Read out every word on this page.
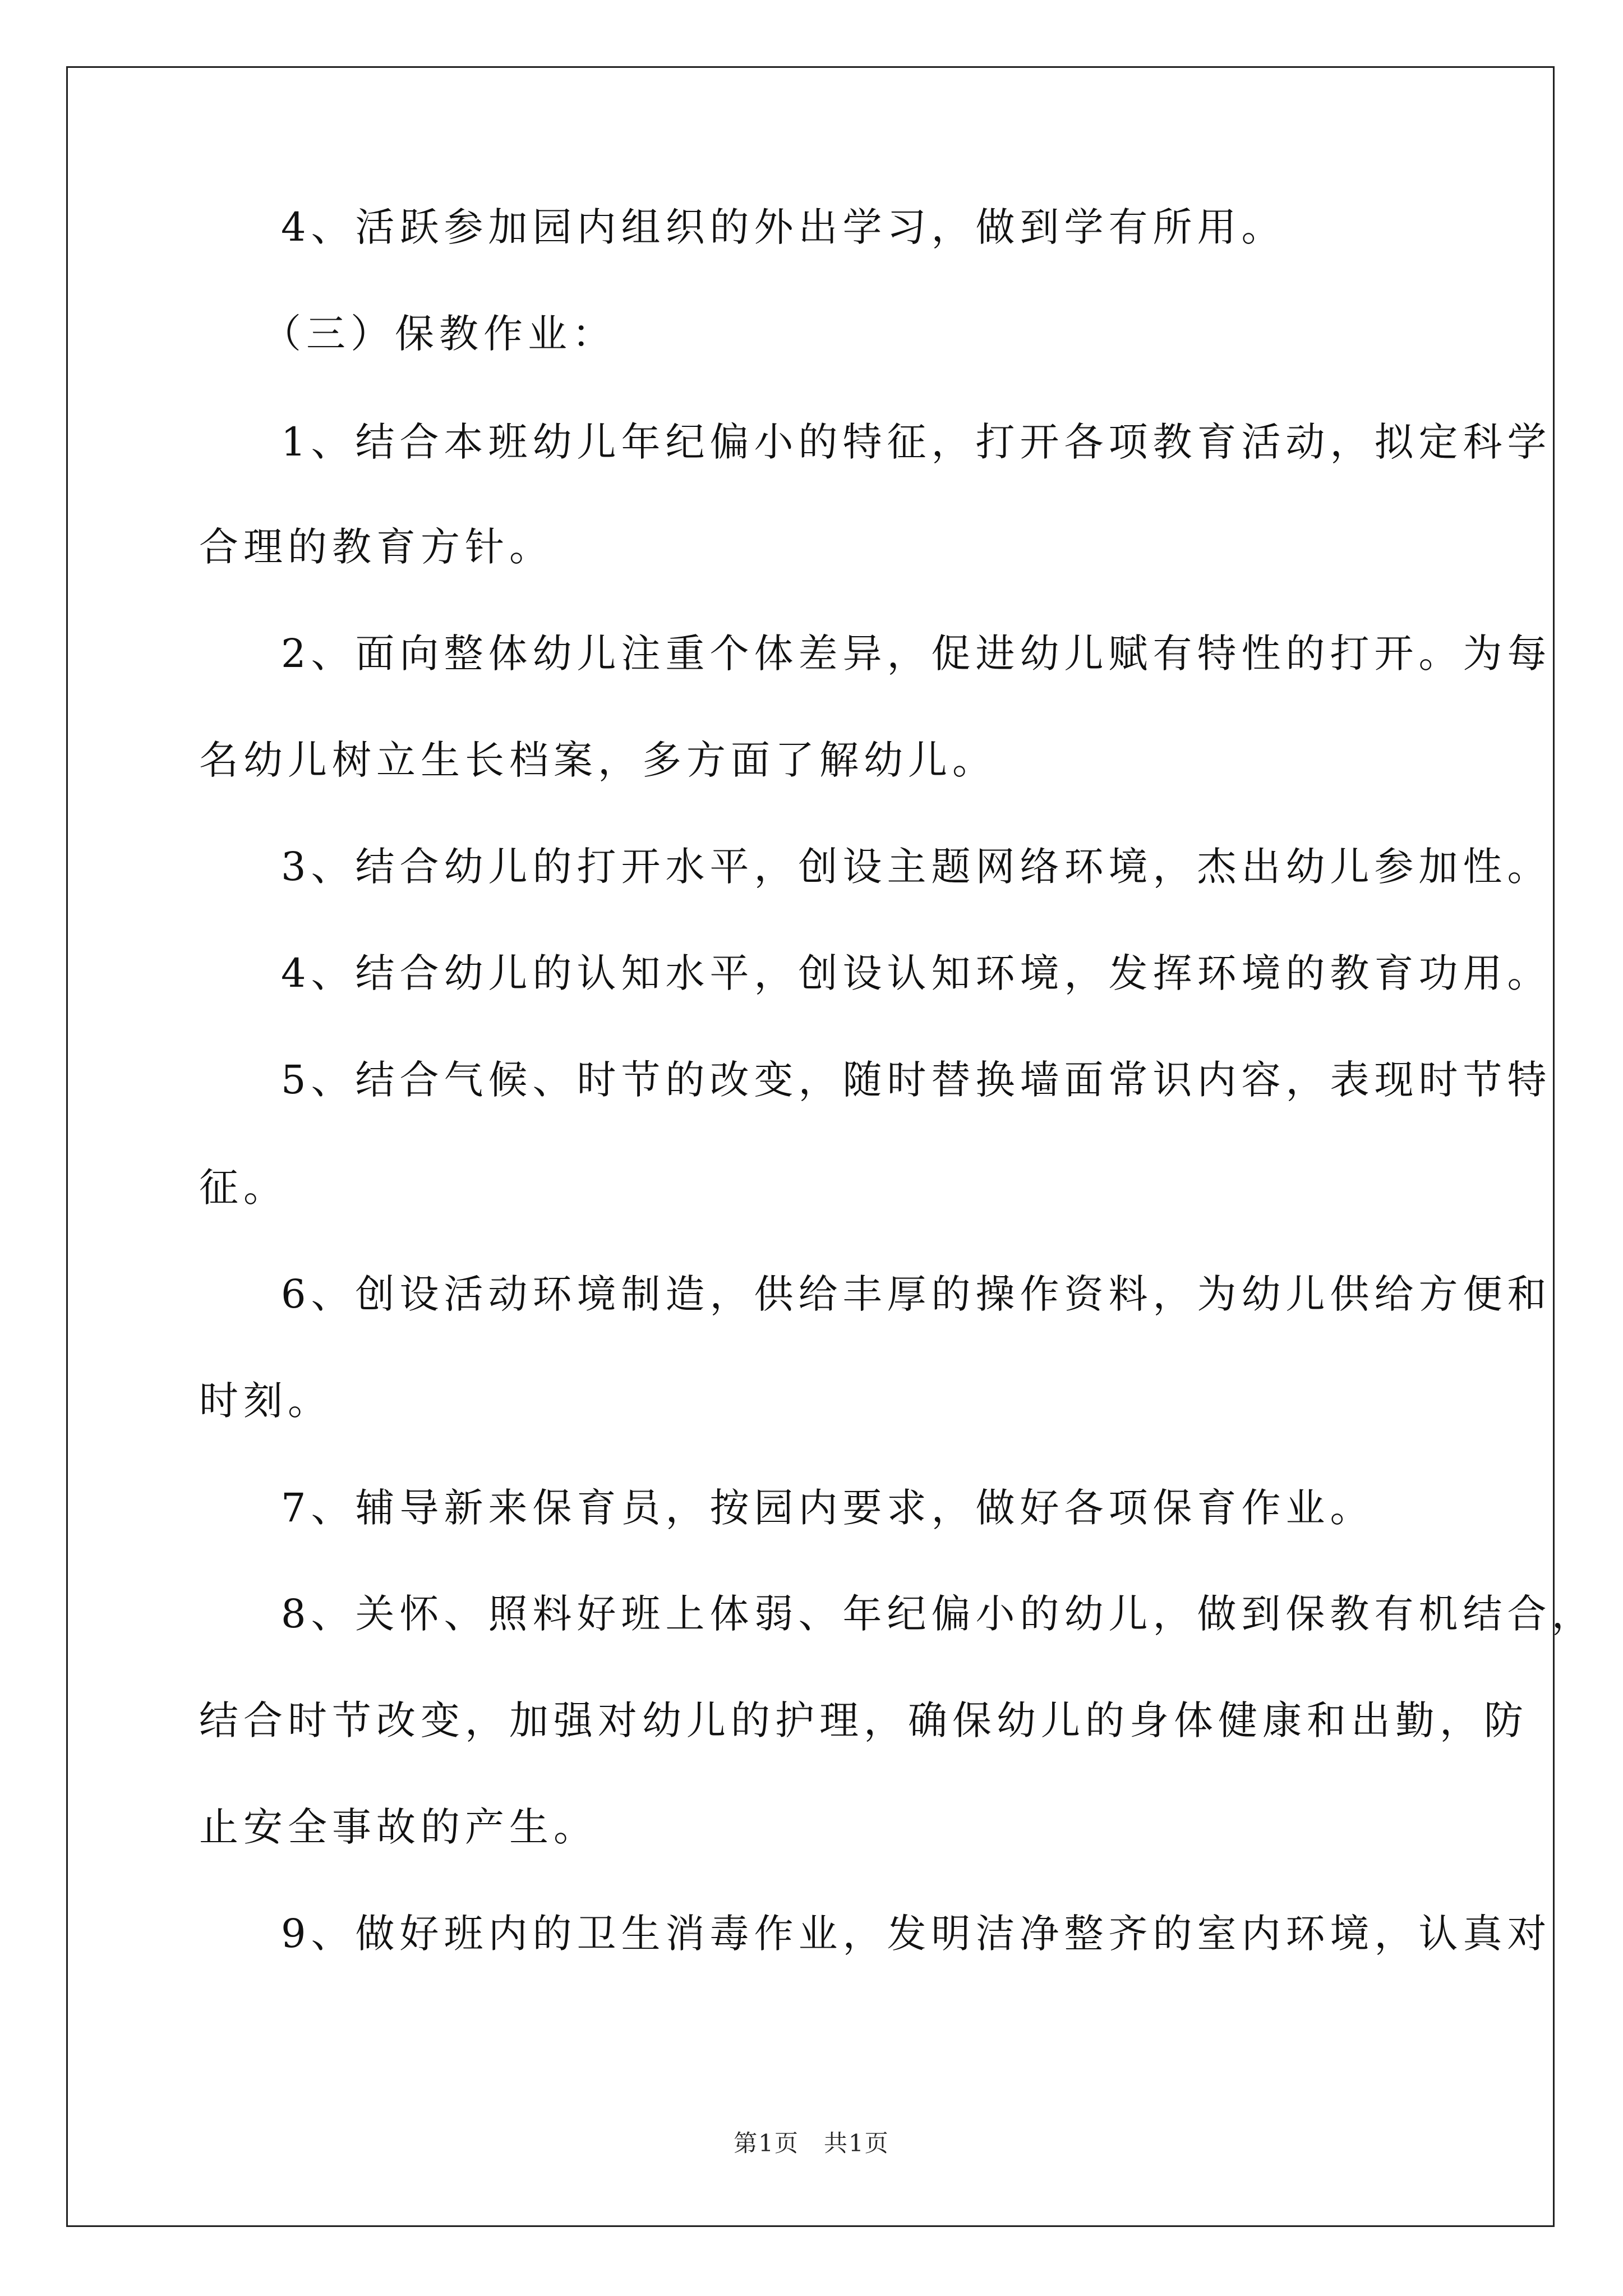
4、活跃参加园内组织的外出学习，做到学有所用。

（三）保教作业：

1、结合本班幼儿年纪偏小的特征，打开各项教育活动，拟定科学

合理的教育方针。

2、面向整体幼儿注重个体差异，促进幼儿赋有特性的打开。为每

名幼儿树立生长档案，多方面了解幼儿。

3、结合幼儿的打开水平，创设主题网络环境，杰出幼儿参加性。

4、结合幼儿的认知水平，创设认知环境，发挥环境的教育功用。

5、结合气候、时节的改变，随时替换墙面常识内容，表现时节特

征。

6、创设活动环境制造，供给丰厚的操作资料，为幼儿供给方便和

时刻。

7、辅导新来保育员，按园内要求，做好各项保育作业。

8、关怀、照料好班上体弱、年纪偏小的幼儿，做到保教有机结合，

结合时节改变，加强对幼儿的护理，确保幼儿的身体健康和出勤，防

止安全事故的产生。

9、做好班内的卫生消毒作业，发明洁净整齐的室内环境，认真对

第1页　共1页
